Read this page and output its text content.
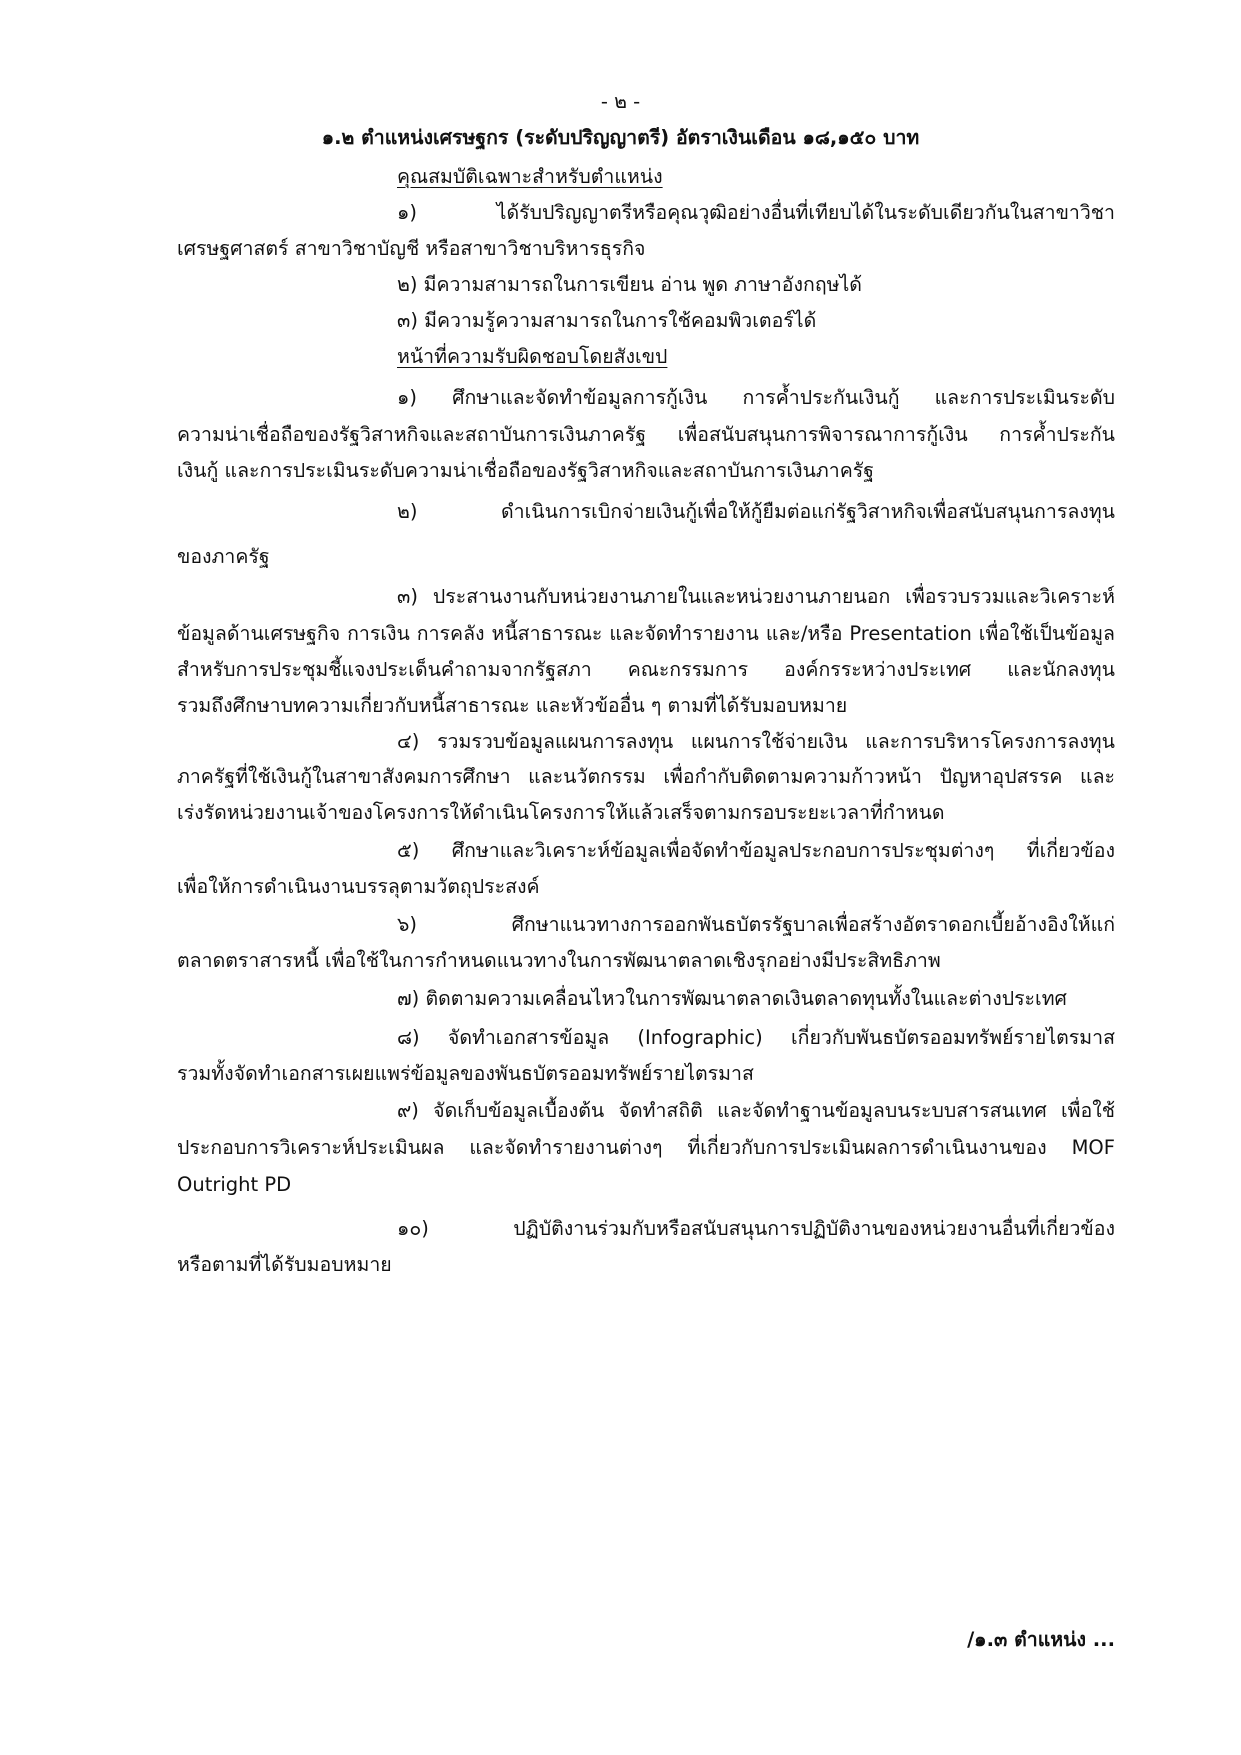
- ๒ -
๑.๒ ตำแหน่งเศรษฐกร (ระดับปริญญาตรี) อัตราเงินเดือน ๑๘,๑๕๐ บาท
คุณสมบัติเฉพาะสำหรับตำแหน่ง
๑) ได้รับปริญญาตรีหรือคุณวุฒิอย่างอื่นที่เทียบได้ในระดับเดียวกันในสาขาวิชา
เศรษฐศาสตร์ สาขาวิชาบัญชี หรือสาขาวิชาบริหารธุรกิจ
๒) มีความสามารถในการเขียน อ่าน พูด ภาษาอังกฤษได้
๓) มีความรู้ความสามารถในการใช้คอมพิวเตอร์ได้
หน้าที่ความรับผิดชอบโดยสังเขป
๑) ศึกษาและจัดทำข้อมูลการกู้เงิน การค้ำประกันเงินกู้ และการประเมินระดับ
ความน่าเชื่อถือของรัฐวิสาหกิจและสถาบันการเงินภาครัฐ เพื่อสนับสนุนการพิจารณาการกู้เงิน การค้ำประกัน
เงินกู้ และการประเมินระดับความน่าเชื่อถือของรัฐวิสาหกิจและสถาบันการเงินภาครัฐ
๒) ดำเนินการเบิกจ่ายเงินกู้เพื่อให้กู้ยืมต่อแก่รัฐวิสาหกิจเพื่อสนับสนุนการลงทุน
ของภาครัฐ
๓) ประสานงานกับหน่วยงานภายในและหน่วยงานภายนอก เพื่อรวบรวมและวิเคราะห์
ข้อมูลด้านเศรษฐกิจ การเงิน การคลัง หนี้สาธารณะ และจัดทำรายงาน และ/หรือ Presentation เพื่อใช้เป็นข้อมูล
สำหรับการประชุมชี้แจงประเด็นคำถามจากรัฐสภา คณะกรรมการ องค์กรระหว่างประเทศ และนักลงทุน
รวมถึงศึกษาบทความเกี่ยวกับหนี้สาธารณะ และหัวข้ออื่น ๆ ตามที่ได้รับมอบหมาย
๔) รวมรวบข้อมูลแผนการลงทุน แผนการใช้จ่ายเงิน และการบริหารโครงการลงทุน
ภาครัฐที่ใช้เงินกู้ในสาขาสังคมการศึกษา และนวัตกรรม เพื่อกำกับติดตามความก้าวหน้า ปัญหาอุปสรรค และ
เร่งรัดหน่วยงานเจ้าของโครงการให้ดำเนินโครงการให้แล้วเสร็จตามกรอบระยะเวลาที่กำหนด
๕) ศึกษาและวิเคราะห์ข้อมูลเพื่อจัดทำข้อมูลประกอบการประชุมต่างๆ ที่เกี่ยวข้อง
เพื่อให้การดำเนินงานบรรลุตามวัตถุประสงค์
๖) ศึกษาแนวทางการออกพันธบัตรรัฐบาลเพื่อสร้างอัตราดอกเบี้ยอ้างอิงให้แก่
ตลาดตราสารหนี้ เพื่อใช้ในการกำหนดแนวทางในการพัฒนาตลาดเชิงรุกอย่างมีประสิทธิภาพ
๗) ติดตามความเคลื่อนไหวในการพัฒนาตลาดเงินตลาดทุนทั้งในและต่างประเทศ
๘) จัดทำเอกสารข้อมูล (Infographic) เกี่ยวกับพันธบัตรออมทรัพย์รายไตรมาส
รวมทั้งจัดทำเอกสารเผยแพร่ข้อมูลของพันธบัตรออมทรัพย์รายไตรมาส
๙) จัดเก็บข้อมูลเบื้องต้น จัดทำสถิติ และจัดทำฐานข้อมูลบนระบบสารสนเทศ เพื่อใช้
ประกอบการวิเคราะห์ประเมินผล และจัดทำรายงานต่างๆ ที่เกี่ยวกับการประเมินผลการดำเนินงานของ MOF
Outright PD
๑๐) ปฏิบัติงานร่วมกับหรือสนับสนุนการปฏิบัติงานของหน่วยงานอื่นที่เกี่ยวข้อง
หรือตามที่ได้รับมอบหมาย
/๑.๓ ตำแหน่ง ...
